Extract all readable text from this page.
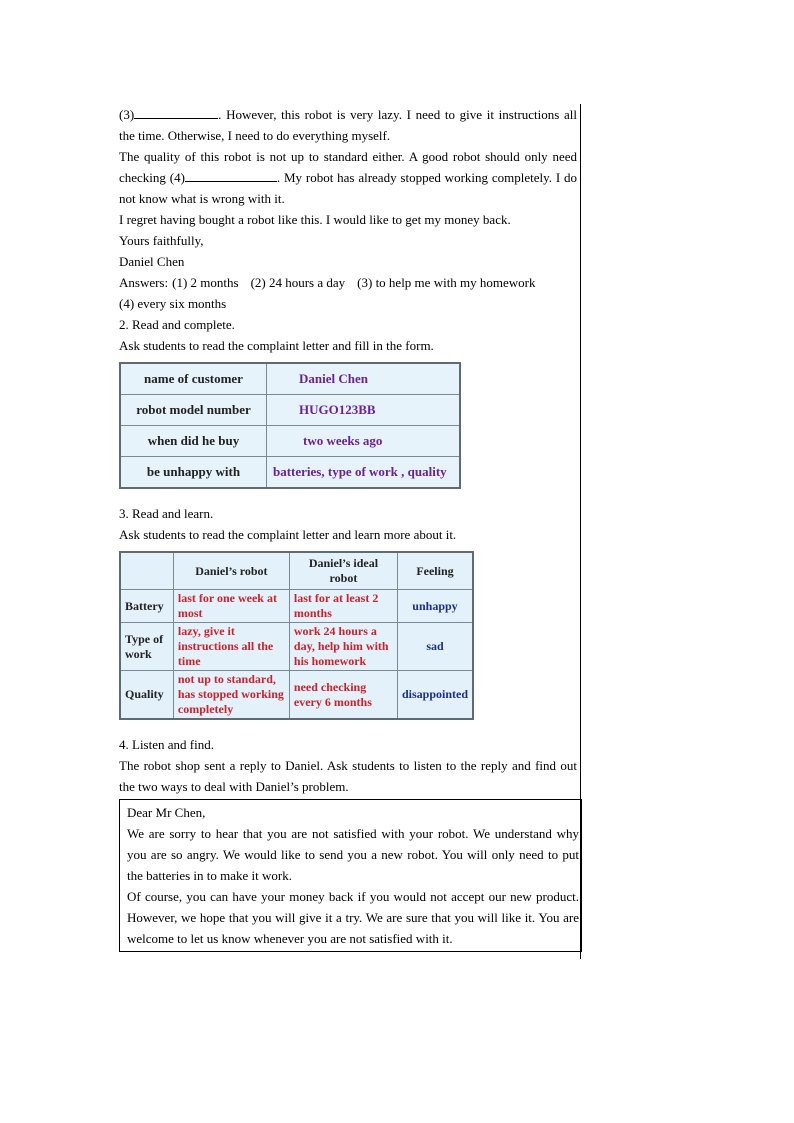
(3)	. However, this robot is very lazy. I need to give it instructions all the time. Otherwise, I need to do everything myself.

The quality of this robot is not up to standard either. A good robot should only need checking (4)	. My robot has already stopped working completely. I do not know what is wrong with it.

I regret having bought a robot like this. I would like to get my money back.

Yours faithfully,

Daniel Chen

Answers: (1) 2 months (2) 24 hours a day (3) to help me with my homework

(4) every six months

2. Read and complete.

Ask students to read the complaint letter and fill in the form.

name of customer	Daniel Chen
robot model number	HUGO123BB
when did he buy	two weeks ago
be unhappy with	batteries, type of work , quality

3. Read and learn.

Ask students to read the complaint letter and learn more about it.

	Daniel’s robot	Daniel’s ideal robot	Feeling
Battery	last for one week at most	last for at least 2 months	unhappy
Type of work	lazy, give it instructions all the time	work 24 hours a day, help him with his homework	sad
Quality	not up to standard, has stopped working completely	need checking every 6 months	disappointed

4. Listen and find.

The robot shop sent a reply to Daniel. Ask students to listen to the reply and find out the two ways to deal with Daniel’s problem.

Dear Mr Chen,

We are sorry to hear that you are not satisfied with your robot. We understand why you are so angry. We would like to send you a new robot. You will only need to put the batteries in to make it work.

Of course, you can have your money back if you would not accept our new product. However, we hope that you will give it a try. We are sure that you will like it. You are welcome to let us know whenever you are not satisfied with it.
